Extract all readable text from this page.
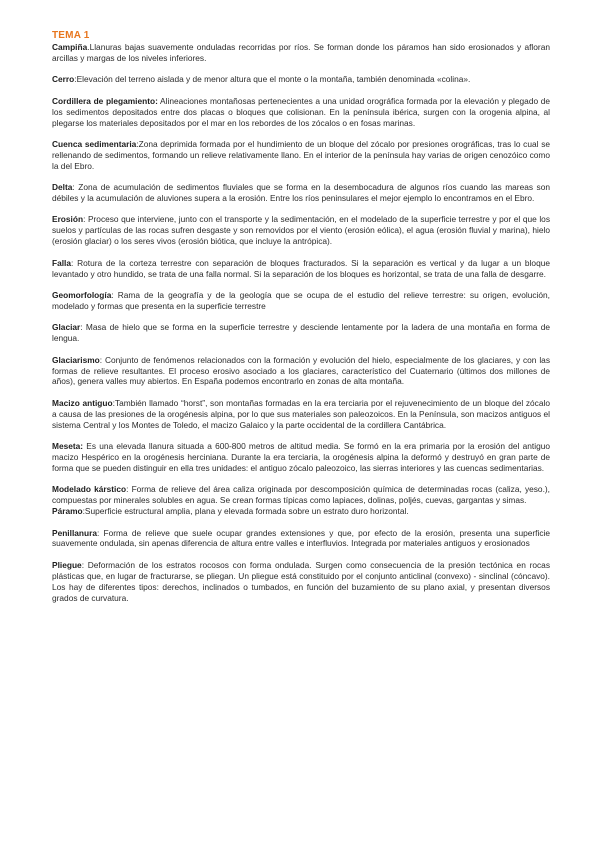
TEMA 1

Campiña.Llanuras bajas suavemente onduladas recorridas por ríos. Se forman donde los páramos han sido erosionados y afloran arcillas y margas de los niveles inferiores.

Cerro:Elevación del terreno aislada y de menor altura que el monte o la montaña, también denominada «colina».

Cordillera de plegamiento: Alineaciones montañosas pertenecientes a una unidad orográfica formada por la elevación y plegado de los sedimentos depositados entre dos placas o bloques que colisionan. En la península ibérica, surgen con la orogenia alpina, al plegarse los materiales depositados por el mar en los rebordes de los zócalos o en fosas marinas.

Cuenca sedimentaria:Zona deprimida formada por el hundimiento de un bloque del zócalo por presiones orográficas, tras lo cual se rellenando de sedimentos, formando un relieve relativamente llano. En el interior de la península hay varias de origen cenozóico como la del Ebro.

Delta: Zona de acumulación de sedimentos fluviales que se forma en la desembocadura de algunos ríos cuando las mareas son débiles y la acumulación de aluviones supera a la erosión. Entre los ríos peninsulares el mejor ejemplo lo encontramos en el Ebro.

Erosión: Proceso que interviene, junto con el transporte y la sedimentación, en el modelado de la superficie terrestre y por el que los suelos y partículas de las rocas sufren desgaste y son removidos por el viento (erosión eólica), el agua (erosión fluvial y marina), hielo (erosión glaciar) o los seres vivos (erosión biótica, que incluye la antrópica).

Falla: Rotura de la corteza terrestre con separación de bloques fracturados. Si la separación es vertical y da lugar a un bloque levantado y otro hundido, se trata de una falla normal. Si la separación de los bloques es horizontal, se trata de una falla de desgarre.

Geomorfología: Rama de la geografía y de la geología que se ocupa de el estudio del relieve terrestre: su origen, evolución, modelado y formas que presenta en la superficie terrestre

Glaciar: Masa de hielo que se forma en la superficie terrestre y desciende lentamente por la ladera de una montaña en forma de lengua.

Glaciarismo: Conjunto de fenómenos relacionados con la formación y evolución del hielo, especialmente de los glaciares, y con las formas de relieve resultantes. El proceso erosivo asociado a los glaciares, característico del Cuaternario (últimos dos millones de años), genera valles muy abiertos. En España podemos encontrarlo en zonas de alta montaña.

Macizo antiguo:También llamado “horst”, son montañas formadas en la era terciaria por el rejuvenecimiento de un bloque del zócalo a causa de las presiones de la orogénesis alpina, por lo que sus materiales son paleozoicos. En la Península, son macizos antiguos el sistema Central y los Montes de Toledo, el macizo Galaico y la parte occidental de la cordillera Cantábrica.

Meseta: Es una elevada llanura situada a 600-800 metros de altitud media. Se formó en la era primaria por la erosión del antiguo macizo Hespérico en la orogénesis herciniana. Durante la era terciaria, la orogénesis alpina la deformó y destruyó en gran parte de forma que se pueden distinguir en ella tres unidades: el antiguo zócalo paleozoico, las sierras interiores y las cuencas sedimentarias.

Modelado kárstico: Forma de relieve del área caliza originada por descomposición química de determinadas rocas (caliza, yeso.), compuestas por minerales solubles en agua. Se crean formas típicas como lapiaces, dolinas, poljés, cuevas, gargantas y simas.

Páramo:Superficie estructural amplia, plana y elevada formada sobre un estrato duro horizontal.

Penillanura: Forma de relieve que suele ocupar grandes extensiones y que, por efecto de la erosión, presenta una superficie suavemente ondulada, sin apenas diferencia de altura entre valles e interfluvios. Integrada por materiales antiguos y erosionados

Pliegue: Deformación de los estratos rocosos con forma ondulada. Surgen como consecuencia de la presión tectónica en rocas plásticas que, en lugar de fracturarse, se pliegan. Un pliegue está constituido por el conjunto anticlinal (convexo) - sinclinal (cóncavo). Los hay de diferentes tipos: derechos, inclinados o tumbados, en función del buzamiento de su plano axial, y presentan diversos grados de curvatura.
